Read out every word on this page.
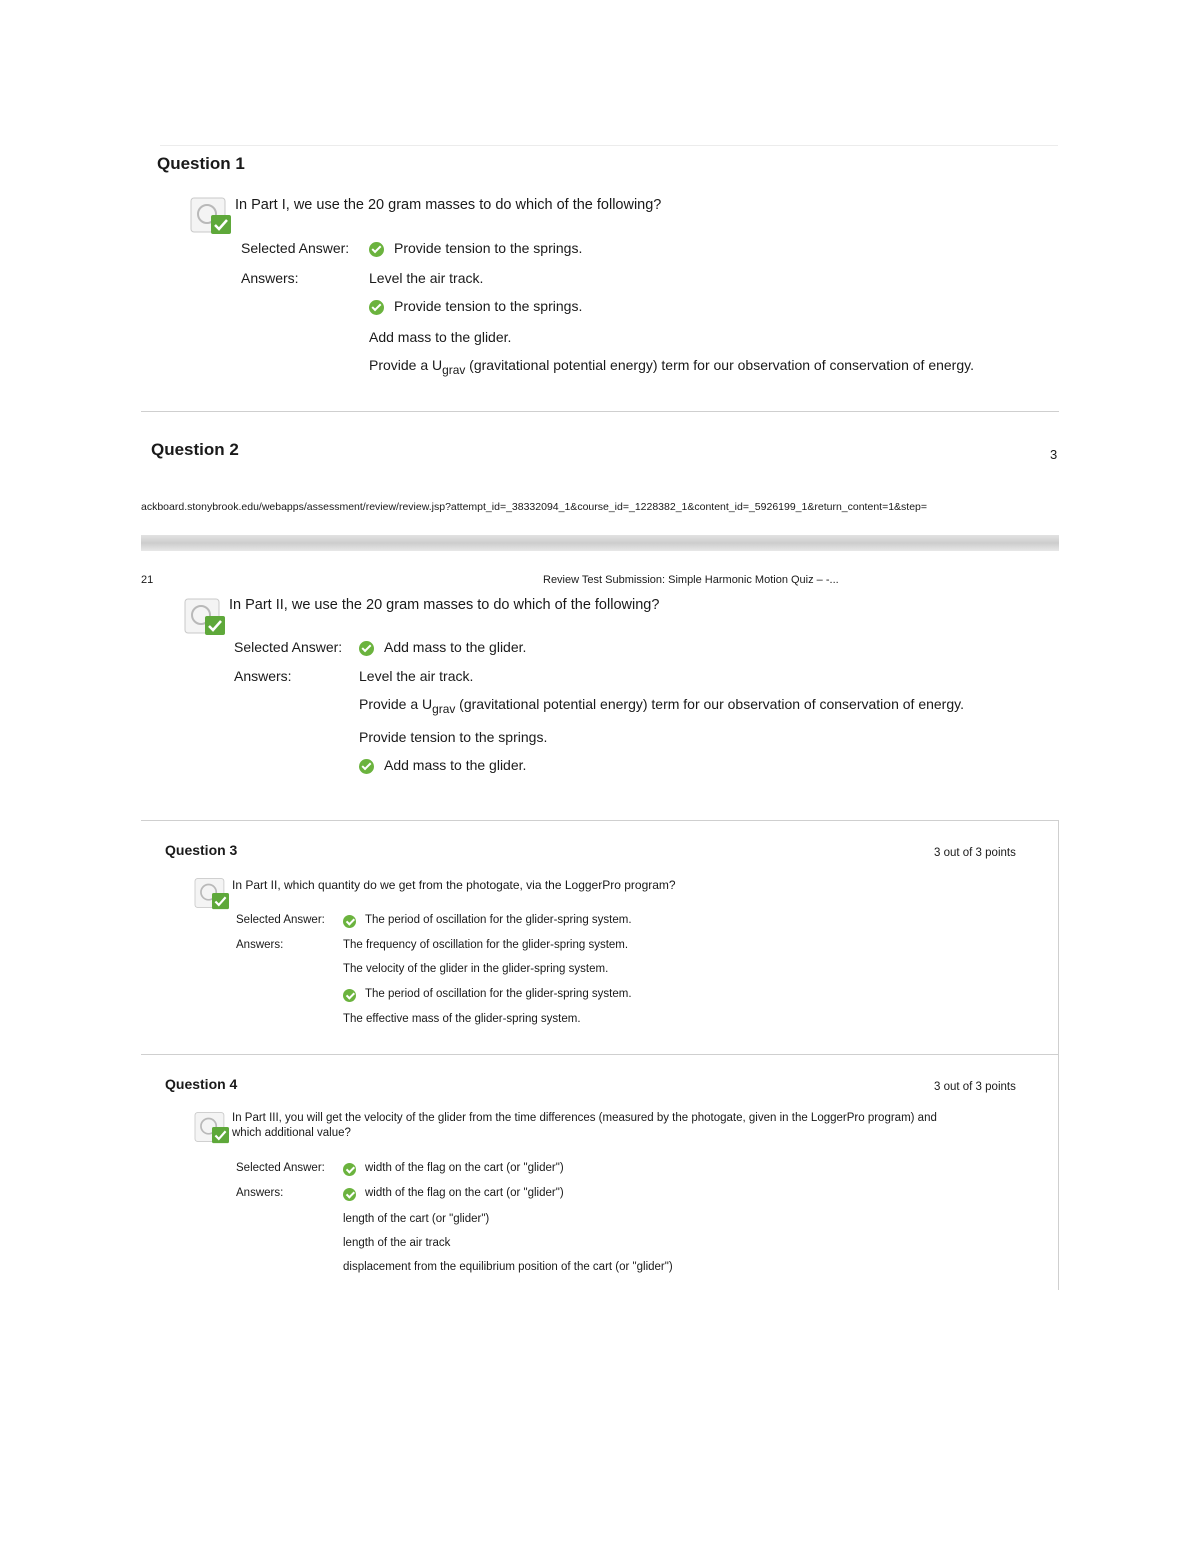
Question 1
In Part I, we use the 20 gram masses to do which of the following?
Selected Answer:	Provide tension to the springs.
Answers:	Level the air track.
Provide tension to the springs.
Add mass to the glider.
Provide a $U_{grav}$ (gravitational potential energy) term for our observation of conservation of energy.
Question 2	3
ackboard.stonybrook.edu/webapps/assessment/review/review.jsp?attempt_id=_38332094_1&course_id=_1228382_1&content_id=_5926199_1&return_content=1&step=
21	Review Test Submission: Simple Harmonic Motion Quiz – -...
In Part II, we use the 20 gram masses to do which of the following?
Selected Answer:	Add mass to the glider.
Answers:	Level the air track.
Provide a $U_{grav}$ (gravitational potential energy) term for our observation of conservation of energy.
Provide tension to the springs.
Add mass to the glider.
Question 3	3 out of 3 points
In Part II, which quantity do we get from the photogate, via the LoggerPro program?
Selected Answer:	The period of oscillation for the glider-spring system.
Answers:	The frequency of oscillation for the glider-spring system.
The velocity of the glider in the glider-spring system.
The period of oscillation for the glider-spring system.
The effective mass of the glider-spring system.
Question 4	3 out of 3 points
In Part III, you will get the velocity of the glider from the time differences (measured by the photogate, given in the LoggerPro program) and
which additional value?
Selected Answer:	width of the flag on the cart (or "glider")
Answers:	width of the flag on the cart (or "glider")
length of the cart (or "glider")
length of the air track
displacement from the equilibrium position of the cart (or "glider")
